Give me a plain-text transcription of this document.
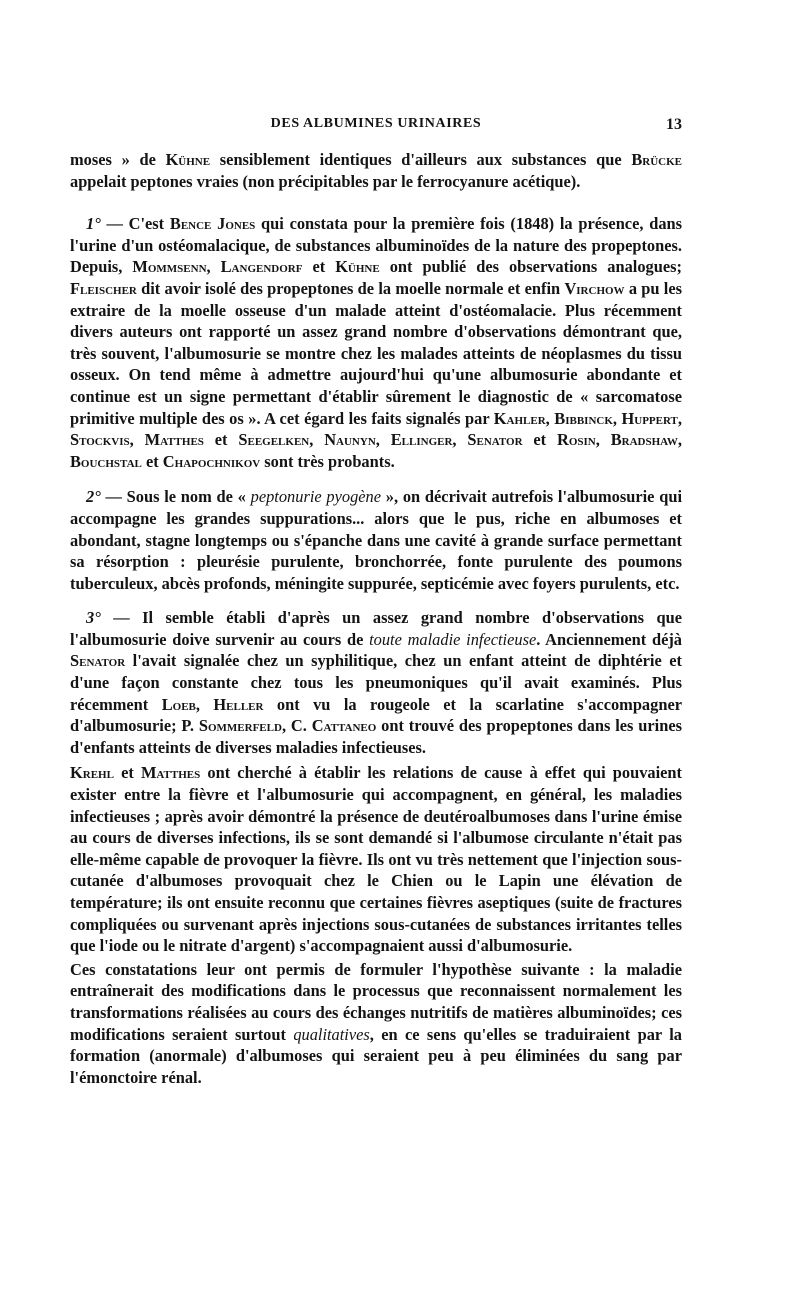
DES ALBUMINES URINAIRES	13

moses » de Kühne sensiblement identiques d'ailleurs aux substances que Brücke appelait peptones vraies (non précipitables par le ferrocyanure acétique).

1° — C'est Bence Jones qui constata pour la première fois (1848) la présence, dans l'urine d'un ostéomalacique, de substances albuminoïdes de la nature des propeptones. Depuis, Mommsenn, Langendorf et Kühne ont publié des observations analogues; Fleischer dit avoir isolé des propeptones de la moelle normale et enfin Virchow a pu les extraire de la moelle osseuse d'un malade atteint d'ostéomalacie. Plus récemment divers auteurs ont rapporté un assez grand nombre d'observations démontrant que, très souvent, l'albumosurie se montre chez les malades atteints de néoplasmes du tissu osseux. On tend même à admettre aujourd'hui qu'une albumosurie abondante et continue est un signe permettant d'établir sûrement le diagnostic de « sarcomatose primitive multiple des os ». A cet égard les faits signalés par Kahler, Bibbinck, Huppert, Stockvis, Matthes et Seegelken, Naunyn, Ellinger, Senator et Rosin, Bradshaw, Bouchstal et Chapochnikov sont très probants.

2° — Sous le nom de « peptonurie pyogène », on décrivait autrefois l'albumosurie qui accompagne les grandes suppurations... alors que le pus, riche en albumoses et abondant, stagne longtemps ou s'épanche dans une cavité à grande surface permettant sa résorption : pleurésie purulente, bronchorrée, fonte purulente des poumons tuberculeux, abcès profonds, méningite suppurée, septicémie avec foyers purulents, etc.

3° — Il semble établi d'après un assez grand nombre d'observations que l'albumosurie doive survenir au cours de toute maladie infectieuse. Anciennement déjà Senator l'avait signalée chez un syphilitique, chez un enfant atteint de diphtérie et d'une façon constante chez tous les pneumoniques qu'il avait examinés. Plus récemment Loeb, Heller ont vu la rougeole et la scarlatine s'accompagner d'albumosurie; P. Sommerfeld, C. Cattaneo ont trouvé des propeptones dans les urines d'enfants atteints de diverses maladies infectieuses.

Krehl et Matthes ont cherché à établir les relations de cause à effet qui pouvaient exister entre la fièvre et l'albumosurie qui accompagnent, en général, les maladies infectieuses ; après avoir démontré la présence de deutéroalbumoses dans l'urine émise au cours de diverses infections, ils se sont demandé si l'albumose circulante n'était pas elle-même capable de provoquer la fièvre. Ils ont vu très nettement que l'injection sous-cutanée d'albumoses provoquait chez le Chien ou le Lapin une élévation de température; ils ont ensuite reconnu que certaines fièvres aseptiques (suite de fractures compliquées ou survenant après injections sous-cutanées de substances irritantes telles que l'iode ou le nitrate d'argent) s'accompagnaient aussi d'albumosurie.

Ces constatations leur ont permis de formuler l'hypothèse suivante : la maladie entraînerait des modifications dans le processus que reconnaissent normalement les transformations réalisées au cours des échanges nutritifs de matières albuminoïdes; ces modifications seraient surtout qualitatives, en ce sens qu'elles se traduiraient par la formation (anormale) d'albumoses qui seraient peu à peu éliminées du sang par l'émonctoire rénal.
